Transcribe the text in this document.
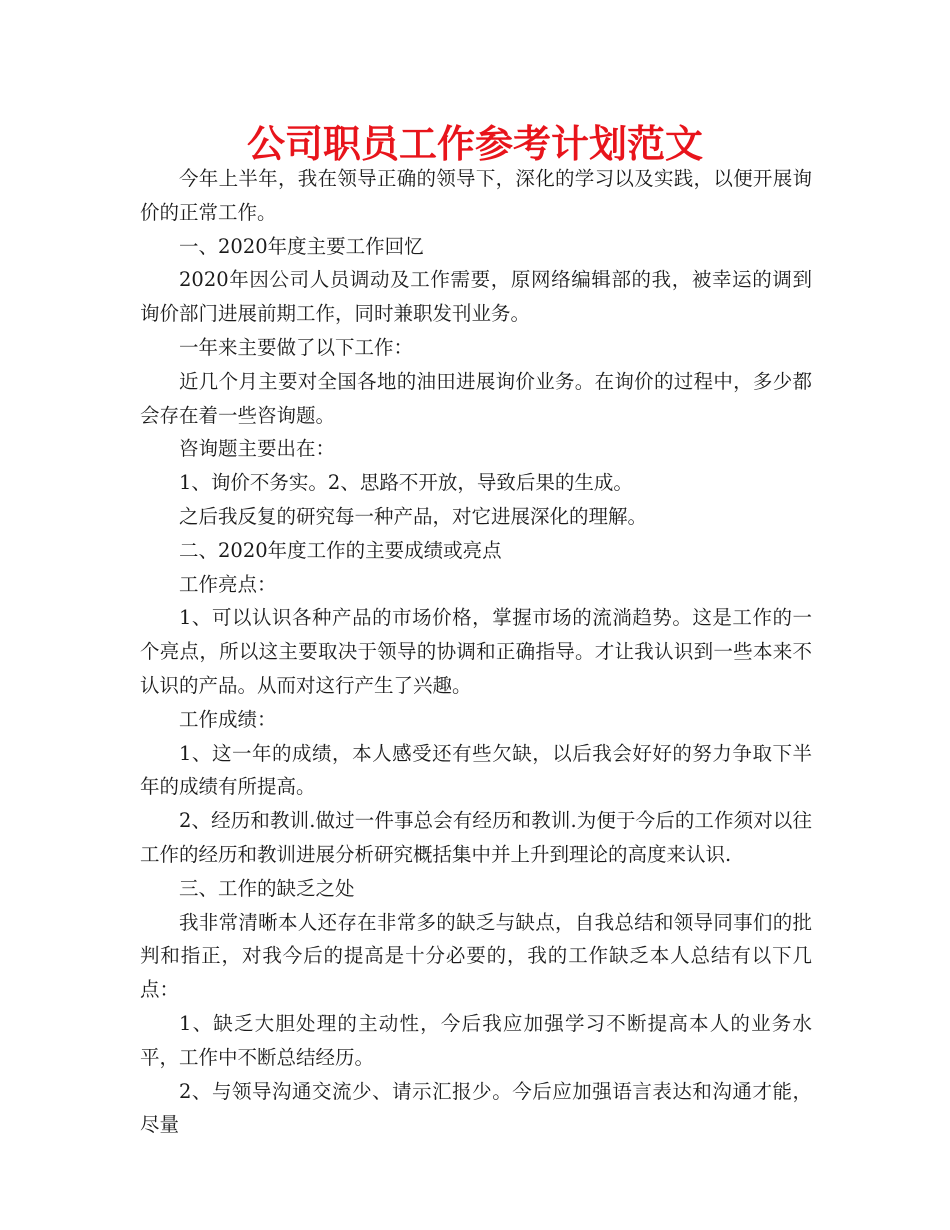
公司职员工作参考计划范文

今年上半年，我在领导正确的领导下，深化的学习以及实践，以便开展询价的正常工作。

一、2020年度主要工作回忆

2020年因公司人员调动及工作需要，原网络编辑部的我，被幸运的调到询价部门进展前期工作，同时兼职发刊业务。

一年来主要做了以下工作：

近几个月主要对全国各地的油田进展询价业务。在询价的过程中，多少都会存在着一些咨询题。

咨询题主要出在：

1、询价不务实。2、思路不开放，导致后果的生成。

之后我反复的研究每一种产品，对它进展深化的理解。

二、2020年度工作的主要成绩或亮点

工作亮点：

1、可以认识各种产品的市场价格，掌握市场的流淌趋势。这是工作的一个亮点，所以这主要取决于领导的协调和正确指导。才让我认识到一些本来不认识的产品。从而对这行产生了兴趣。

工作成绩：

1、这一年的成绩，本人感受还有些欠缺，以后我会好好的努力争取下半年的成绩有所提高。

2、经历和教训.做过一件事总会有经历和教训.为便于今后的工作须对以往工作的经历和教训进展分析研究概括集中并上升到理论的高度来认识.

三、工作的缺乏之处

我非常清晰本人还存在非常多的缺乏与缺点，自我总结和领导同事们的批判和指正，对我今后的提高是十分必要的，我的工作缺乏本人总结有以下几点：

1、缺乏大胆处理的主动性，今后我应加强学习不断提高本人的业务水平，工作中不断总结经历。

2、与领导沟通交流少、请示汇报少。今后应加强语言表达和沟通才能，尽量
